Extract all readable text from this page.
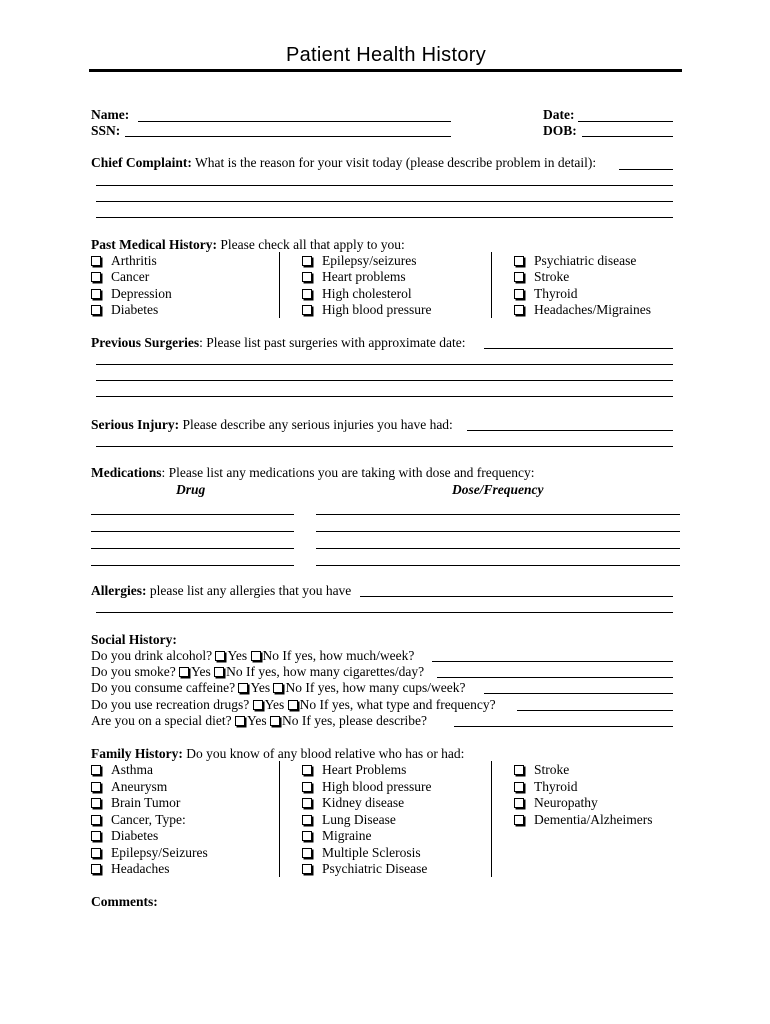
Patient Health History
Name:
SSN:
Date:
DOB:
Chief Complaint: What is the reason for your visit today (please describe problem in detail):
Past Medical History: Please check all that apply to you:
Arthritis
Cancer
Depression
Diabetes
Epilepsy/seizures
Heart problems
High cholesterol
High blood pressure
Psychiatric disease
Stroke
Thyroid
Headaches/Migraines
Previous Surgeries: Please list past surgeries with approximate date:
Serious Injury: Please describe any serious injuries you have had:
Medications: Please list any medications you are taking with dose and frequency:
Drug	Dose/Frequency
Allergies: please list any allergies that you have
Social History:
Do you drink alcohol? Yes No If yes, how much/week?
Do you smoke? Yes No If yes, how many cigarettes/day?
Do you consume caffeine? Yes No If yes, how many cups/week?
Do you use recreation drugs? Yes No If yes, what type and frequency?
Are you on a special diet? Yes No If yes, please describe?
Family History: Do you know of any blood relative who has or had:
Asthma
Aneurysm
Brain Tumor
Cancer, Type:
Diabetes
Epilepsy/Seizures
Headaches
Heart Problems
High blood pressure
Kidney disease
Lung Disease
Migraine
Multiple Sclerosis
Psychiatric Disease
Stroke
Thyroid
Neuropathy
Dementia/Alzheimers
Comments:
